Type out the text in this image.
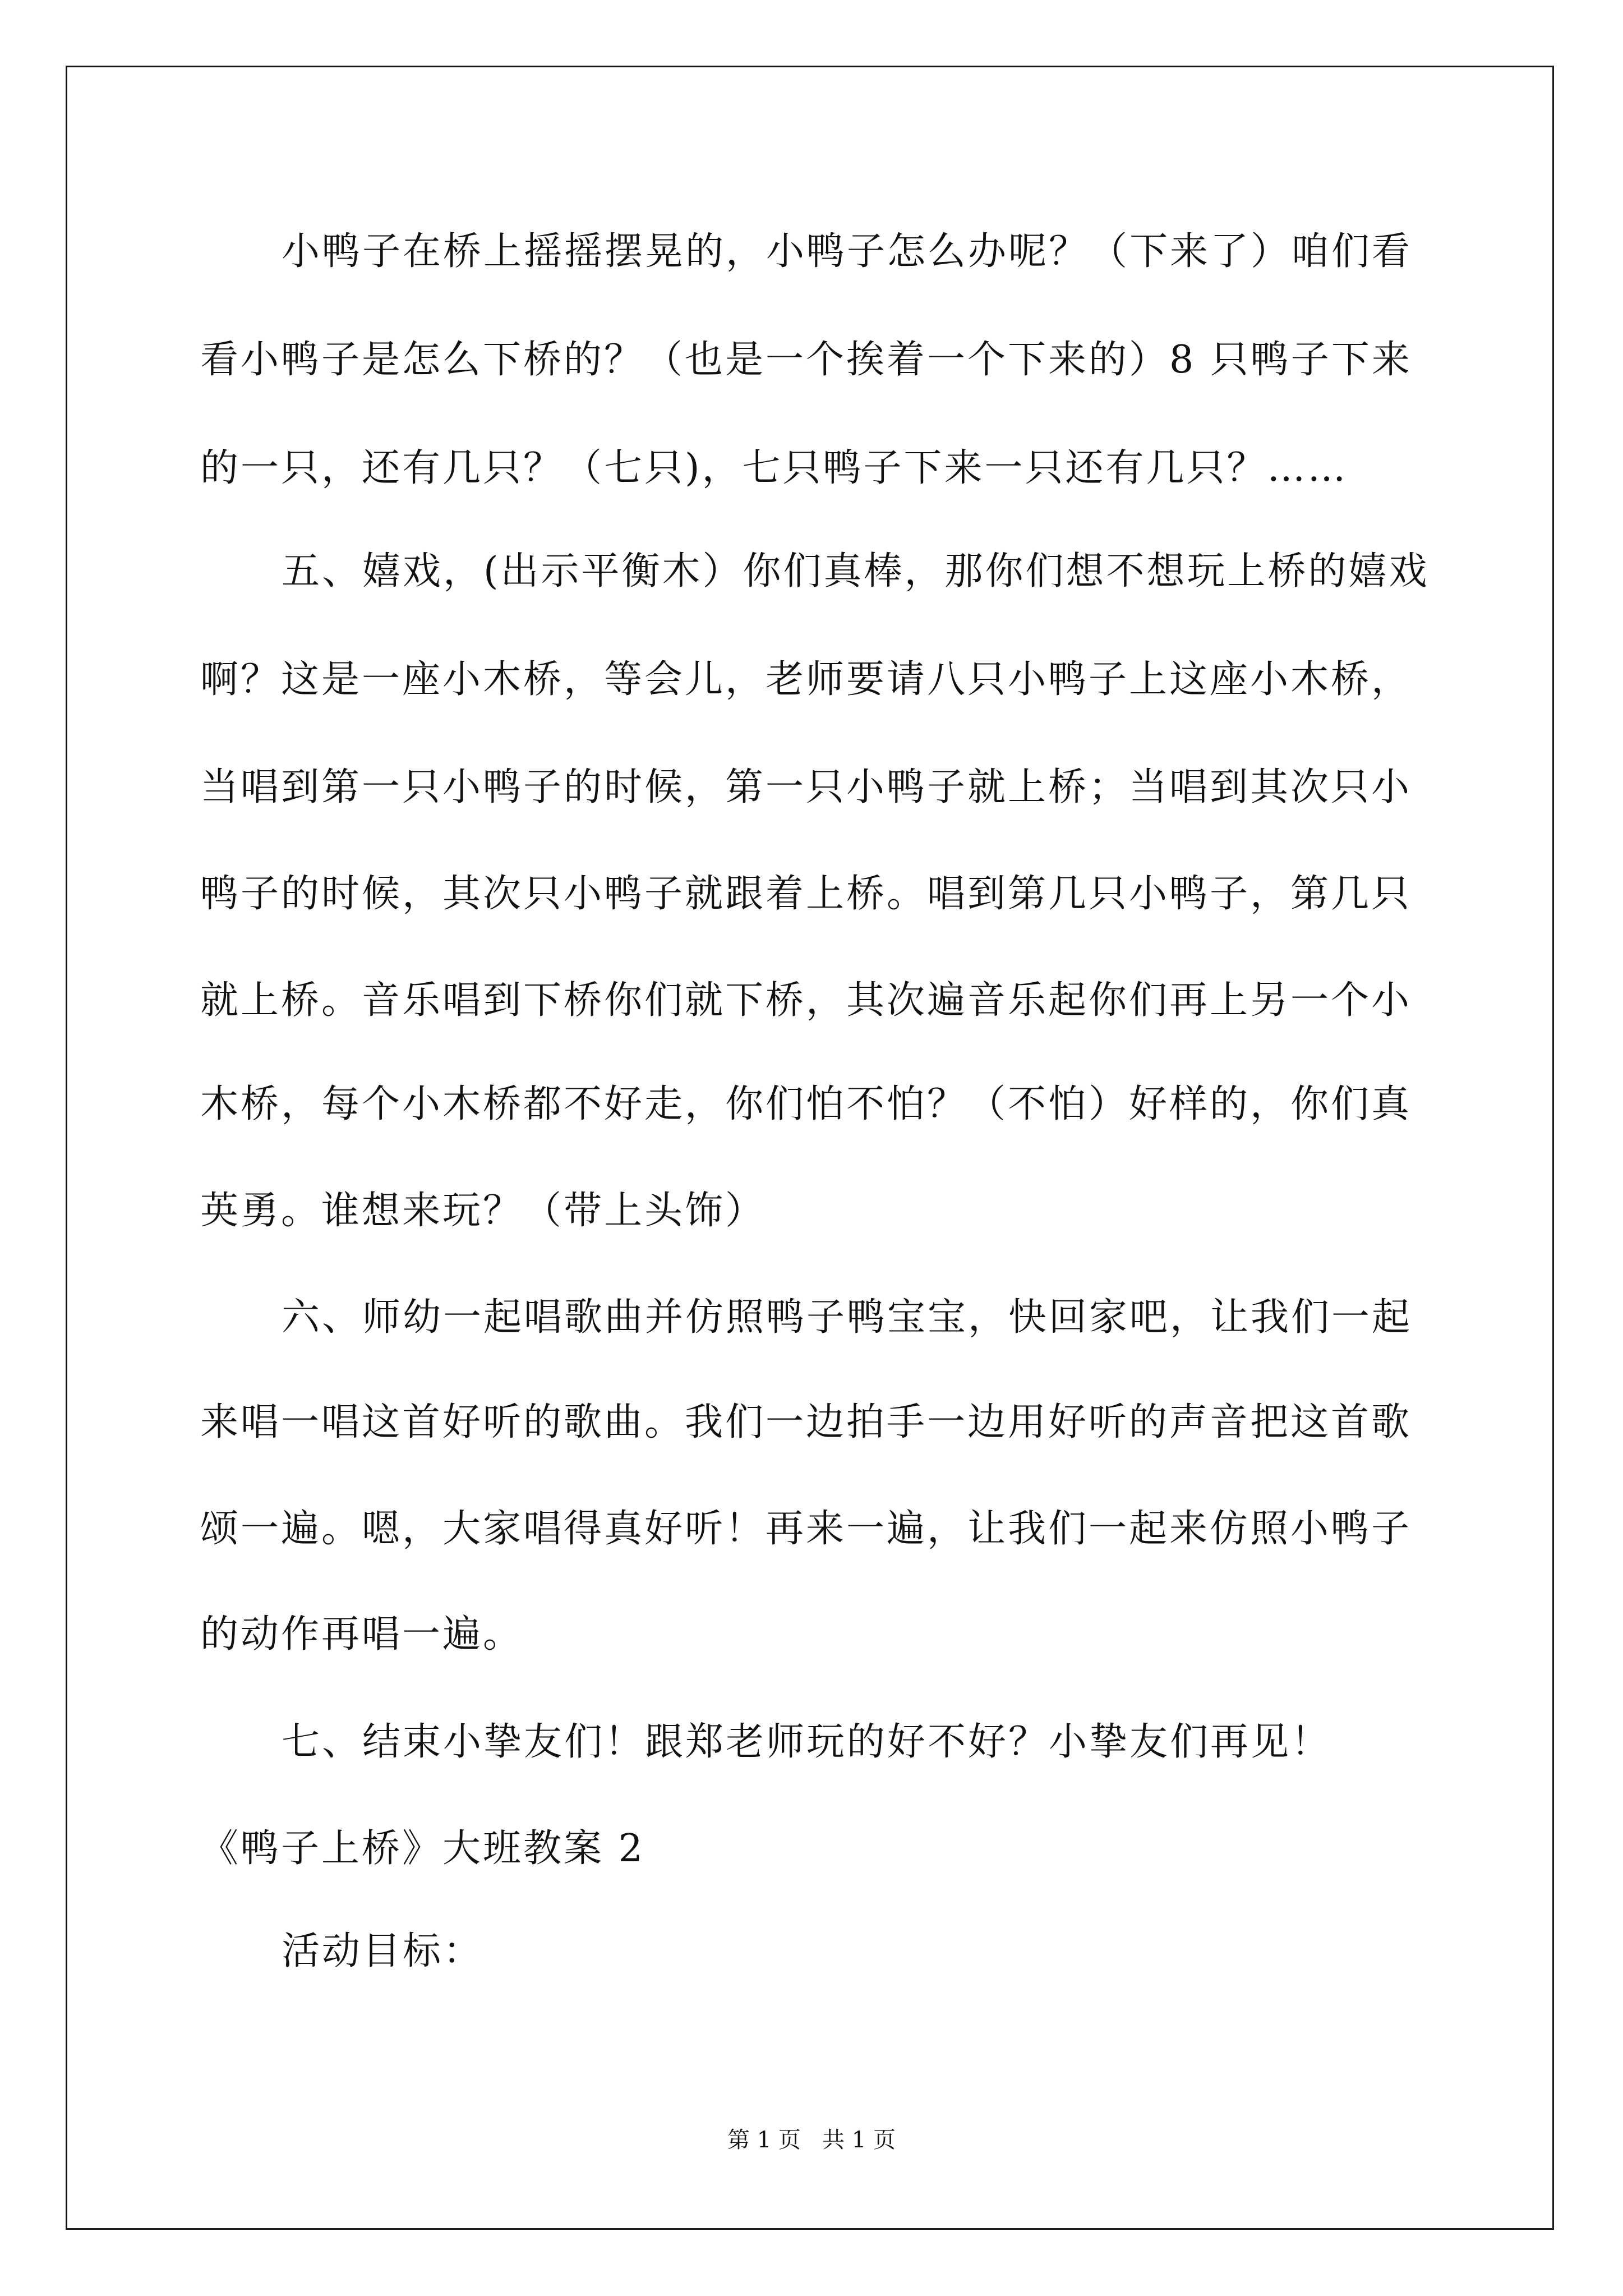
小鸭子在桥上摇摇摆晃的，小鸭子怎么办呢？（下来了）咱们看
看小鸭子是怎么下桥的？（也是一个挨着一个下来的）8 只鸭子下来
的一只，还有几只？（七只)，七只鸭子下来一只还有几只？……
五、嬉戏，(出示平衡木）你们真棒，那你们想不想玩上桥的嬉戏
啊？这是一座小木桥，等会儿，老师要请八只小鸭子上这座小木桥，
当唱到第一只小鸭子的时候，第一只小鸭子就上桥；当唱到其次只小
鸭子的时候，其次只小鸭子就跟着上桥。唱到第几只小鸭子，第几只
就上桥。音乐唱到下桥你们就下桥，其次遍音乐起你们再上另一个小
木桥，每个小木桥都不好走，你们怕不怕？（不怕）好样的，你们真
英勇。谁想来玩？（带上头饰）
六、师幼一起唱歌曲并仿照鸭子鸭宝宝，快回家吧，让我们一起
来唱一唱这首好听的歌曲。我们一边拍手一边用好听的声音把这首歌
颂一遍。嗯，大家唱得真好听！再来一遍，让我们一起来仿照小鸭子
的动作再唱一遍。
七、结束小挚友们！跟郑老师玩的好不好？小挚友们再见！
《鸭子上桥》大班教案 2
活动目标：
第 1 页   共 1 页
